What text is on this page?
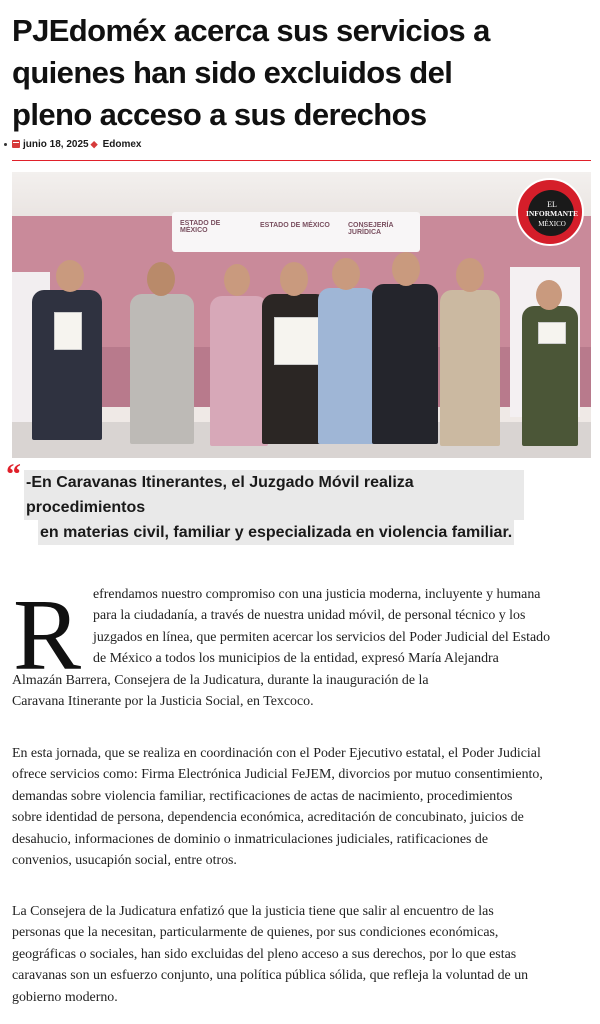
PJEdoméx acerca sus servicios a
quienes han sido excluidos del
pleno acceso a sus derechos
junio 18, 2025 ◆ Edomex
ESTADO DE MÉXICO
ESTADO DE MÉXICO	CONSEJERÍA JURÍDICA
EL
INFORMANTE
MÉXICO
“ -En Caravanas Itinerantes, el Juzgado Móvil realiza procedimientos
en materias civil, familiar y especializada en violencia familiar.
R efrendamos nuestro compromiso con una justicia moderna, incluyente y humana
para la ciudadanía, a través de nuestra unidad móvil, de personal técnico y los
juzgados en línea, que permiten acercar los servicios del Poder Judicial del Estado
de México a todos los municipios de la entidad, expresó María Alejandra
Almazán Barrera, Consejera de la Judicatura, durante la inauguración de la
Caravana Itinerante por la Justicia Social, en Texcoco.
En esta jornada, que se realiza en coordinación con el Poder Ejecutivo estatal, el Poder Judicial
ofrece servicios como: Firma Electrónica Judicial FeJEM, divorcios por mutuo consentimiento,
demandas sobre violencia familiar, rectificaciones de actas de nacimiento, procedimientos
sobre identidad de persona, dependencia económica, acreditación de concubinato, juicios de
desahucio, informaciones de dominio o inmatriculaciones judiciales, ratificaciones de
convenios, usucapión social, entre otros.
La Consejera de la Judicatura enfatizó que la justicia tiene que salir al encuentro de las
personas que la necesitan, particularmente de quienes, por sus condiciones económicas,
geográficas o sociales, han sido excluidas del pleno acceso a sus derechos, por lo que estas
caravanas son un esfuerzo conjunto, una política pública sólida, que refleja la voluntad de un
gobierno moderno.
